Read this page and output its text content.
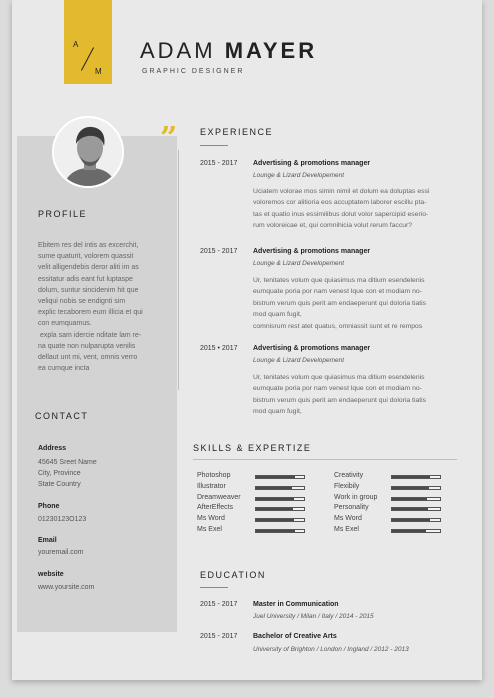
A
M
ADAM MAYER
GRAPHIC DESIGNER
PROFILE
Ebitem res del intis as excerchit,
sume quaturit, volorem quassit
velit alligendebis deror aliti im as
essitatur adis eant fut luptaspe
dolum, suntur sincidenim hit que
veliqui nobis se endignti sim
explic tecaborem eum illicia et qui
con eumquamus.
expla sam idercie nditate lam re-
na quate non nulparupta venilis
dellaut unt mi, vent, omnis verro
ea cumque incta
CONTACT
Address
45645 Sreet Name
City, Province
State Country
Phone
01230123O123
Email
youremail.com
website
www.yoursite.com
”	EXPERIENCE
2015 - 2017 Advertising & promotions manager
Lounge & Lizard Developement
Uciatem volorae mos simin nimil et dolum ea doluptas essi
voloremos cor alitioria eos accuptatem laborer escillu pta-
tas et quatio inus essimilibus dolut volor sapercipid eserio-
rum voloreicae et, qui comnihicia volut rerum faccur?
2015 - 2017 Advertising & promotions manager
Lounge & Lizard Developement
Ur, tenitates volum que quiasimus ma ditium esendelenis
eumquate poria por nam venest lque con et modiam no-
bistrum verum quis perit am endaeperunt qui doloria tiatis
mod quam fugit,
comnisrum rest atet quatus, omniassit sunt et re rempos
2015 • 2017 Advertising & promotions manager
Lounge & Lizard Developement
Ur, tenitates volum que quiasimus ma ditium esendelenis
eumquate poria por nam venest lque con et modiam no-
bistrum verum quis perit am endaeperunt qui doloria tiatis
mod quam fugit,
SKILLS & EXPERTIZE
Photoshop
Illustrator
Dreamweaver
AfterEffects
Ms Word
Ms Exel
Creativity
Flexibily
Work in group
Personality
Ms Word
Ms Exel
EDUCATION
2015 - 2017 Master in Communication
Juel University / Milan / Italy / 2014 - 2015
2015 - 2017 Bachelor of Creative Arts
University of Brighton / London / Ingland / 2012 - 2013
